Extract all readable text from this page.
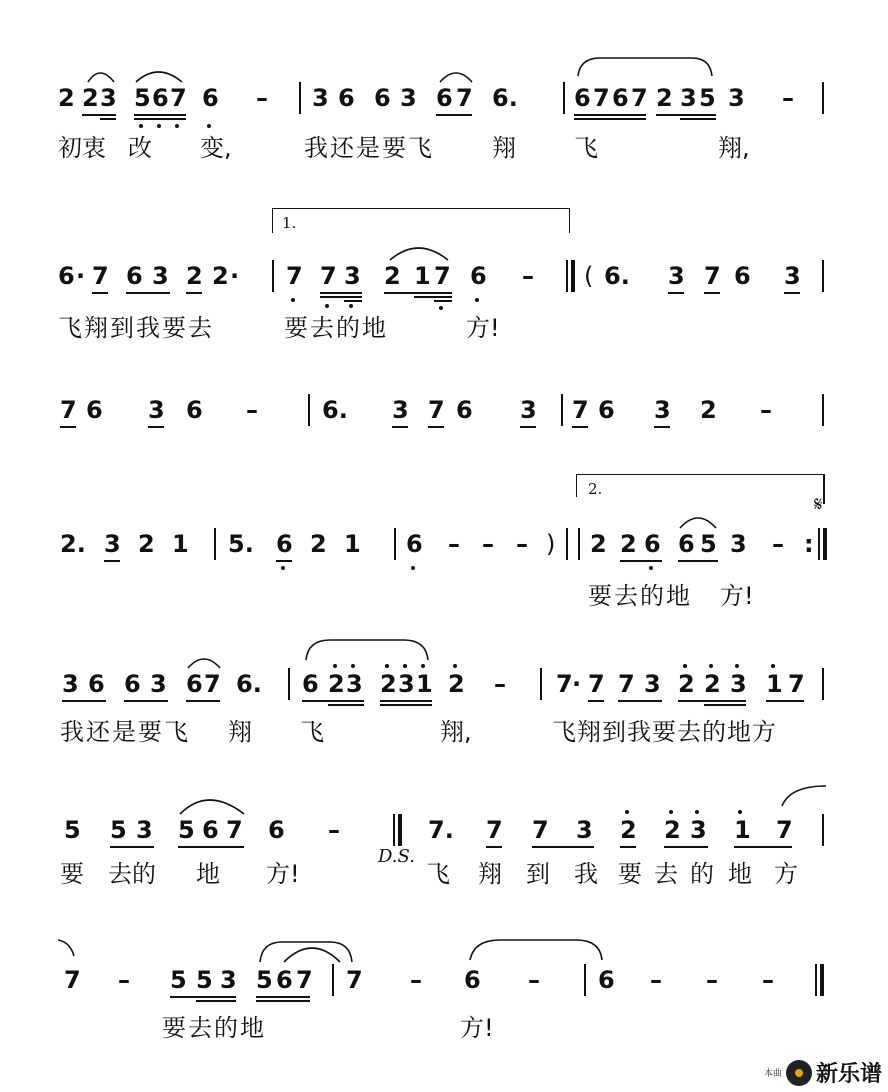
2 2 3 5 6 7 6 – 3 6 6 3 6 7 6. 6 7 6 7 2 3 5 3 –
初衷 改 变,	我还是要飞 翔 飞	翔,
1.
6 · 7 6 3 2 2 · 7 7 3 2 1 7 6 – ( 6. 3 7 6 3
飞翔到我要去	要去的地	方!
7 6 3 6 –	6. 3 7 6 3 7 6 3 2 –
2.
𝄋
2. 3 2 1 5. 6 2 1 6 – – – ) 2 2 6 6 5 3 – :
要去的地 方!
3 6 6 3 6 7 6. 6 2 3 2 3 1 2 – 7 · 7 7 3 2 2 3 1 7
我还是要飞 翔 飞	翔,	飞翔到我要去的地方
5 5 3 5 6 7 6 –	7. 7 7 3 2 2 3 1 7
D.S.
要 去的 地 方!	飞 翔 到 我 要 去 的 地 方
7 – 5 5 3 5 6 7 7 – 6 – 6 – – –
要去的地	方!
本曲 新乐谱
